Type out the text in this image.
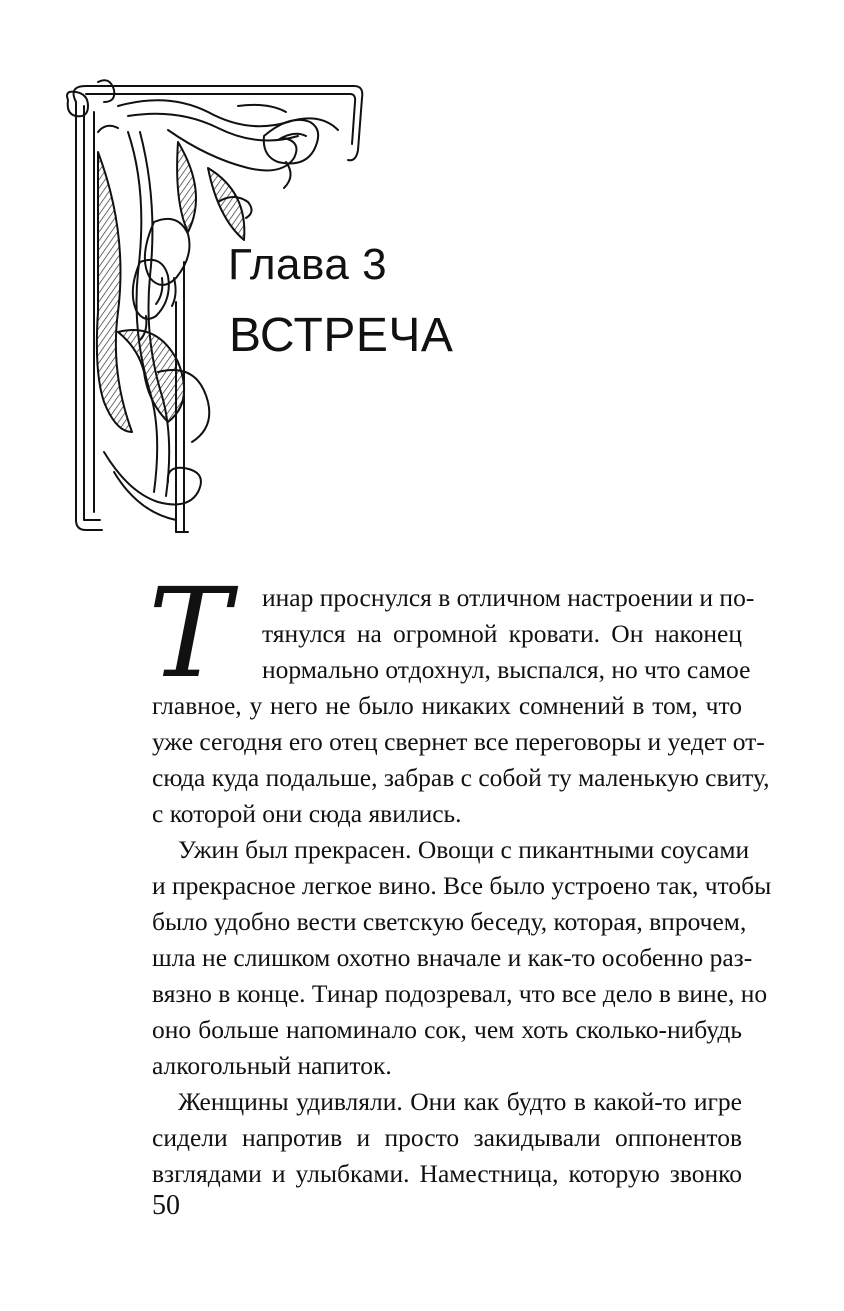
Глава 3
ВСТРЕЧА
Т инар проснулся в отличном настроении и по-
тянулся на огромной кровати. Он наконец
нормально отдохнул, выспался, но что самое
главное, у него не было никаких сомнений в том, что
уже сегодня его отец свернет все переговоры и уедет от-
сюда куда подальше, забрав с собой ту маленькую свиту,
с которой они сюда явились.
Ужин был прекрасен. Овощи с пикантными соусами
и прекрасное легкое вино. Все было устроено так, чтобы
было удобно вести светскую беседу, которая, впрочем,
шла не слишком охотно вначале и как-то особенно раз-
вязно в конце. Тинар подозревал, что все дело в вине, но
оно больше напоминало сок, чем хоть сколько-нибудь
алкогольный напиток.
Женщины удивляли. Они как будто в какой-то игре
сидели напротив и просто закидывали оппонентов
взглядами и улыбками. Наместница, которую звонко
50
